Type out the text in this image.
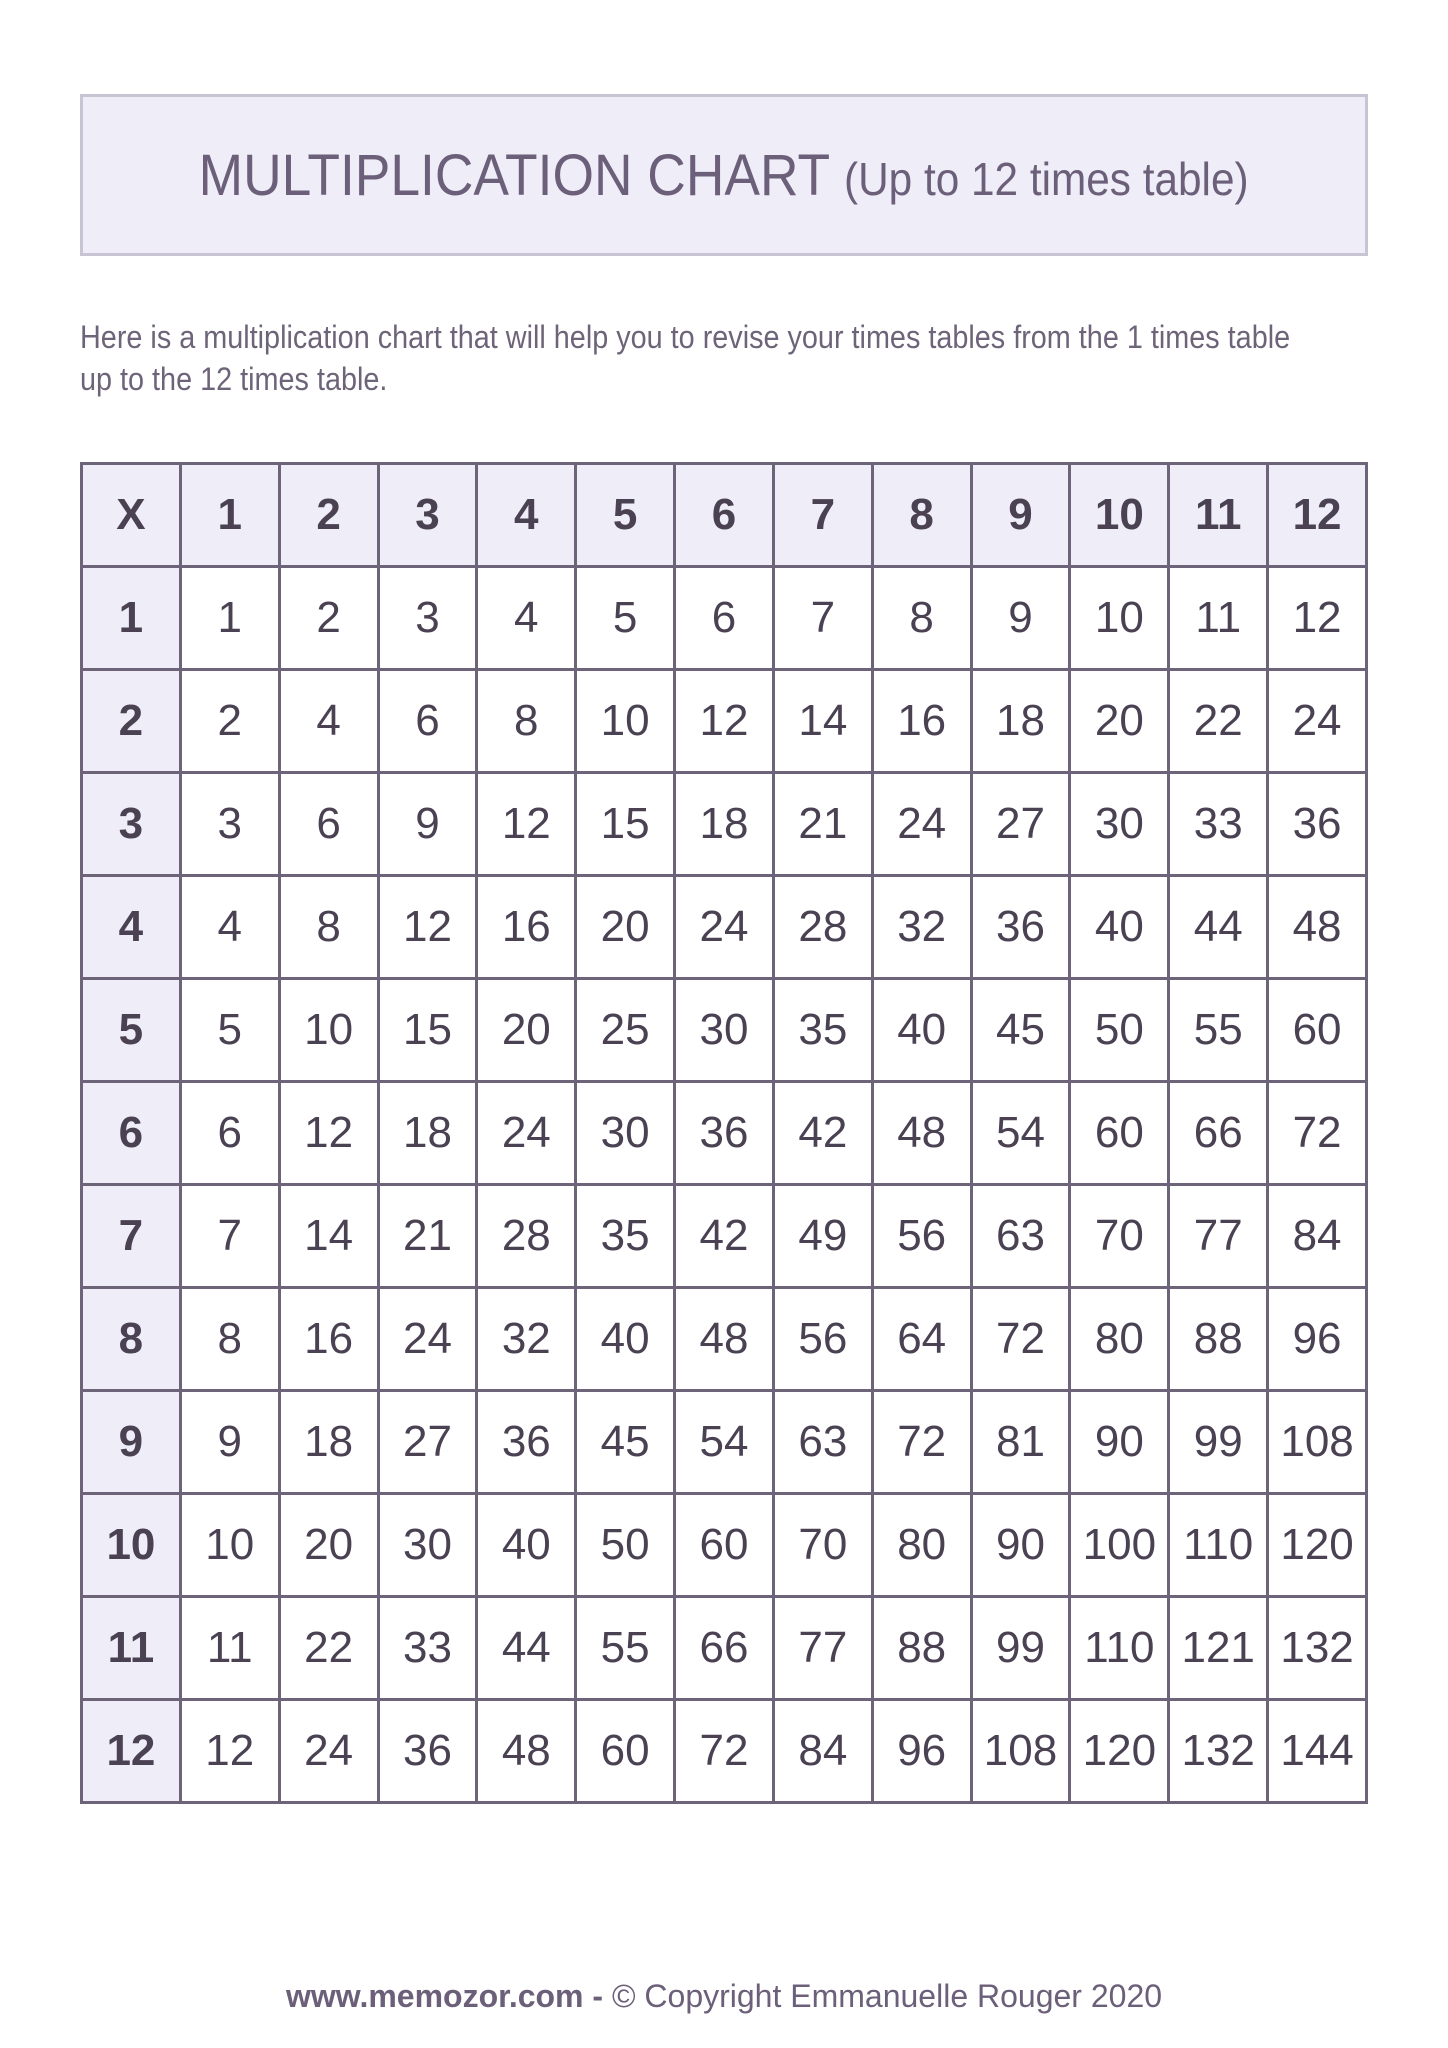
MULTIPLICATION CHART (Up to 12 times table)
Here is a multiplication chart that will help you to revise your times tables from the 1 times table
up to the 12 times table.
X	1	2	3	4	5	6	7	8	9	10	11	12
1	1	2	3	4	5	6	7	8	9	10	11	12
2	2	4	6	8	10	12	14	16	18	20	22	24
3	3	6	9	12	15	18	21	24	27	30	33	36
4	4	8	12	16	20	24	28	32	36	40	44	48
5	5	10	15	20	25	30	35	40	45	50	55	60
6	6	12	18	24	30	36	42	48	54	60	66	72
7	7	14	21	28	35	42	49	56	63	70	77	84
8	8	16	24	32	40	48	56	64	72	80	88	96
9	9	18	27	36	45	54	63	72	81	90	99	108
10	10	20	30	40	50	60	70	80	90	100	110	120
11	11	22	33	44	55	66	77	88	99	110	121	132
12	12	24	36	48	60	72	84	96	108	120	132	144
www.memozor.com - © Copyright Emmanuelle Rouger 2020
